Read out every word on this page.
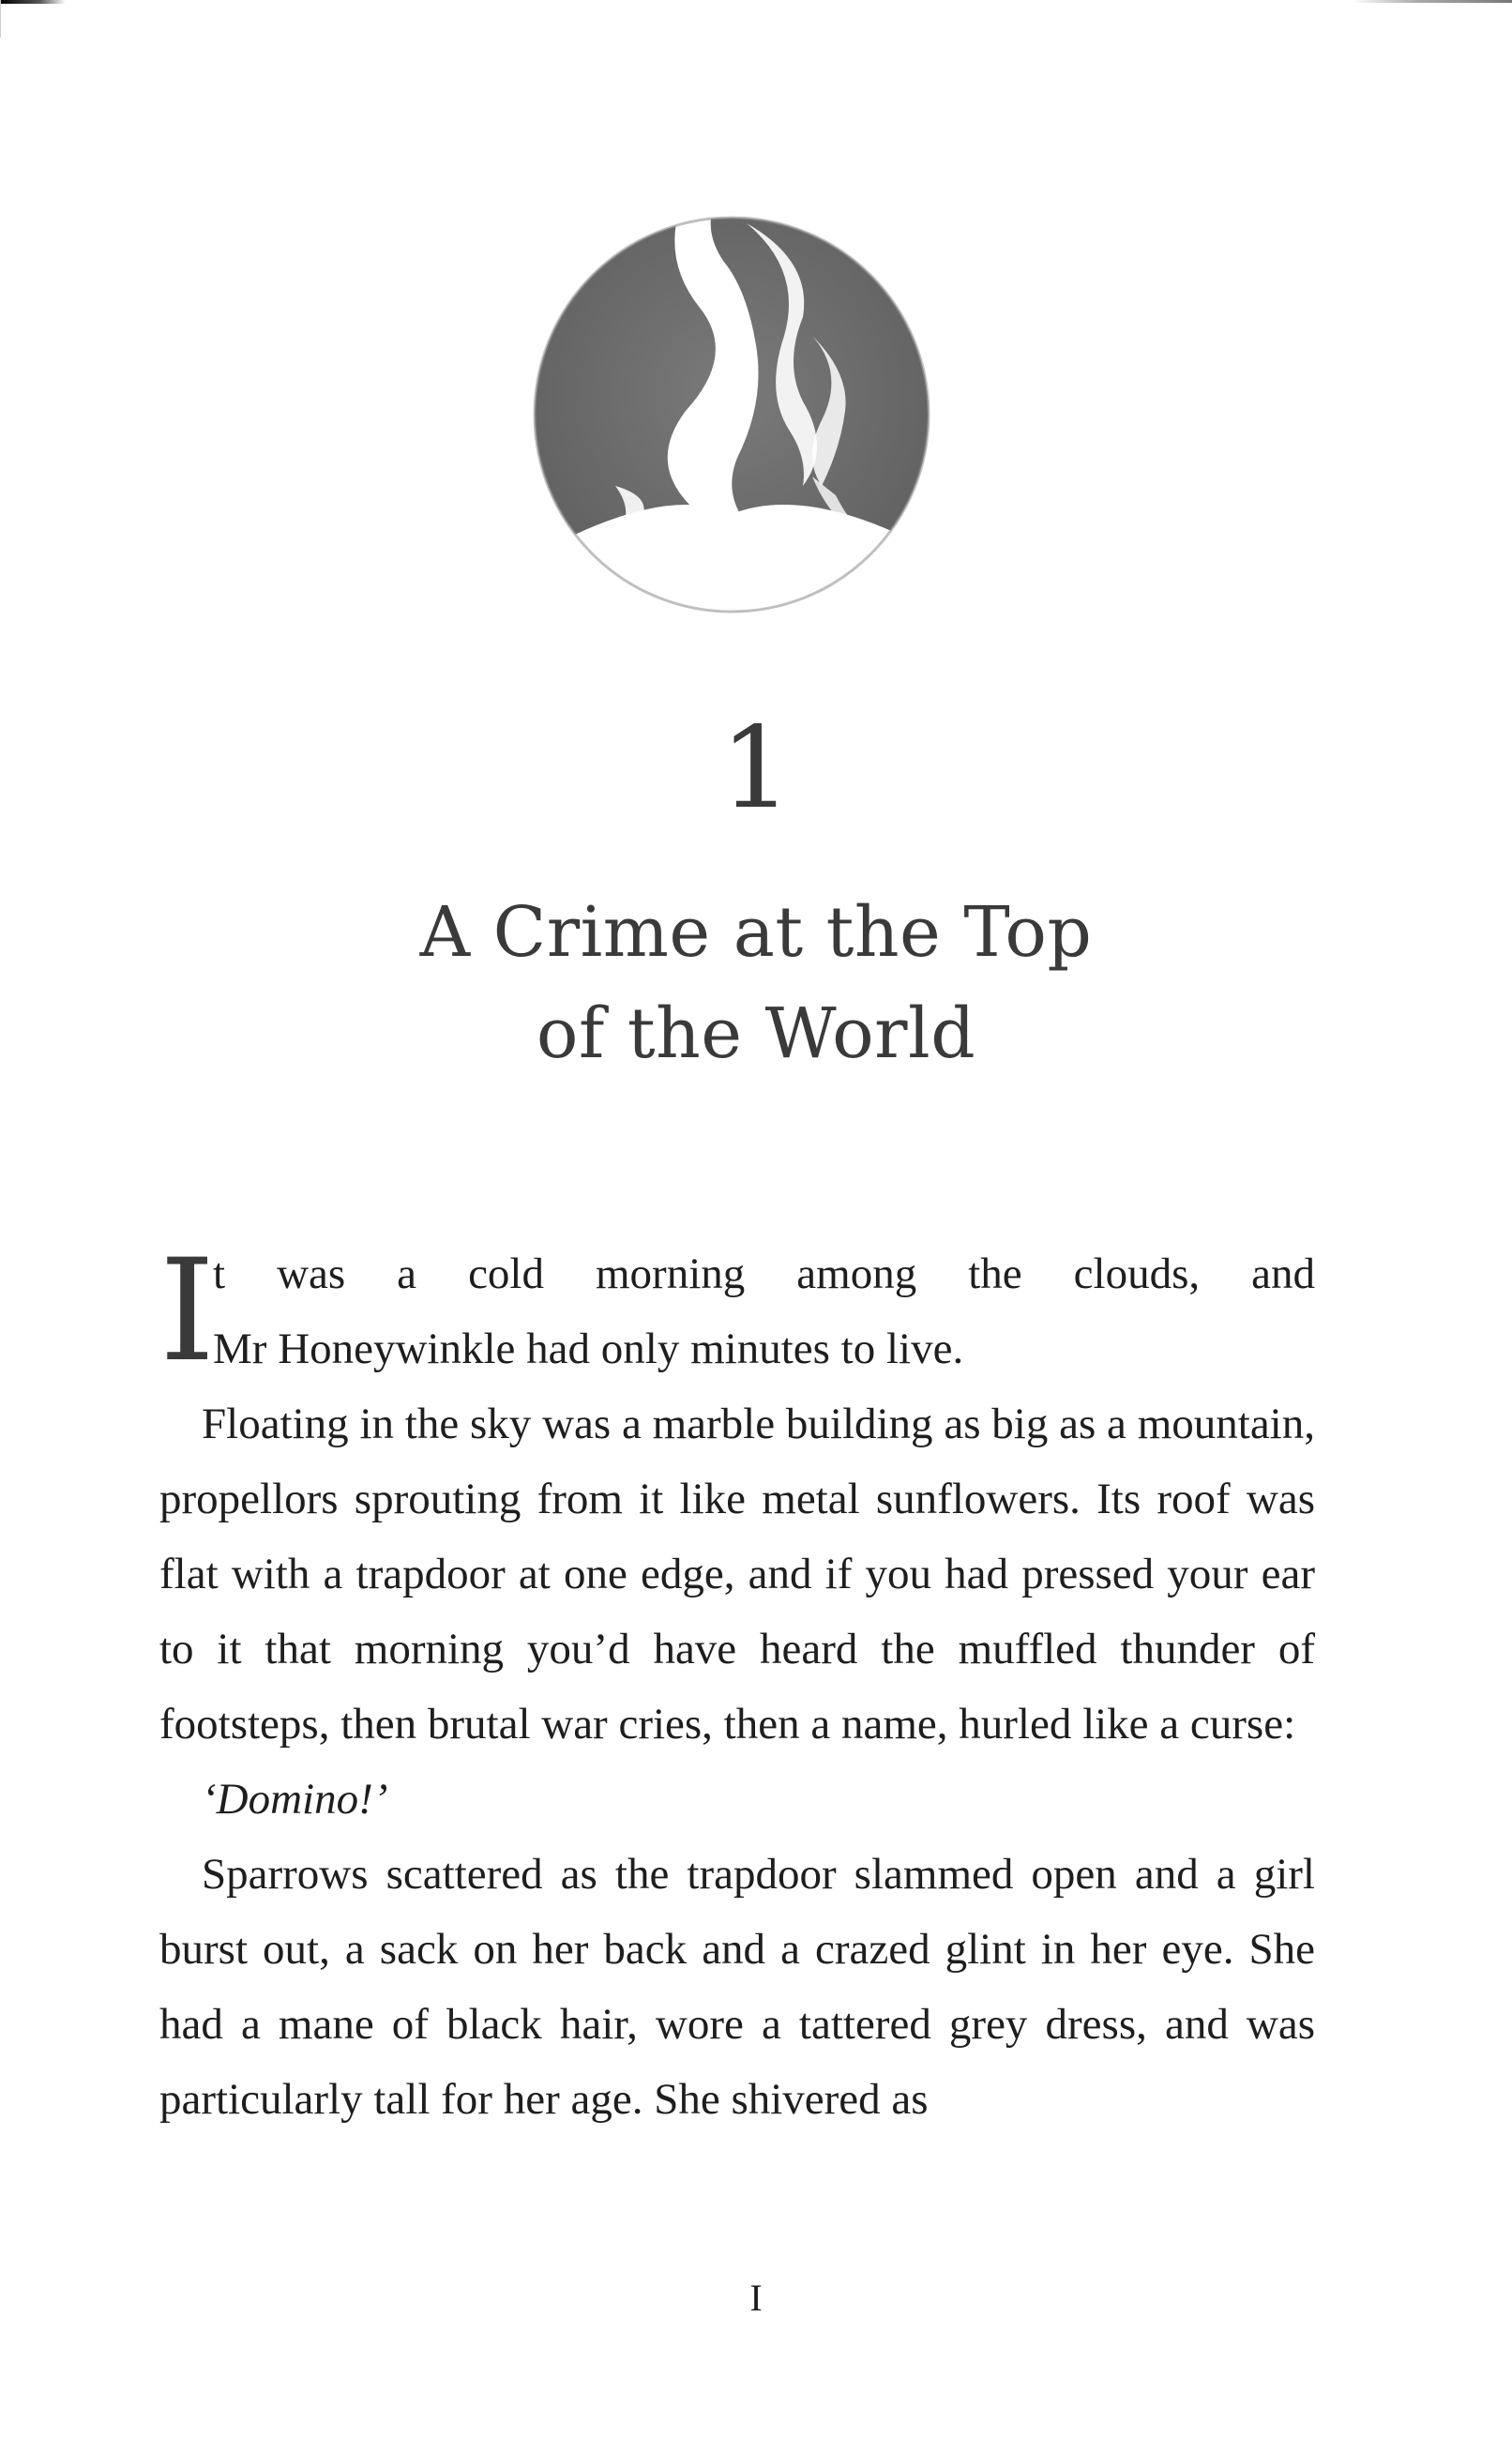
1
A Crime at the Top
of the World
I
t was a cold morning among the clouds, and
Mr Honeywinkle had only minutes to live.

Floating in the sky was a marble building as big as a mountain, propellors sprouting from it like metal sunflowers. Its roof was flat with a trapdoor at one edge, and if you had pressed your ear to it that morning you’d have heard the muffled thunder of footsteps, then brutal war cries, then a name, hurled like a curse:

‘Domino!’

Sparrows scattered as the trapdoor slammed open and a girl burst out, a sack on her back and a crazed glint in her eye. She had a mane of black hair, wore a tattered grey dress, and was particularly tall for her age. She shivered as

I
